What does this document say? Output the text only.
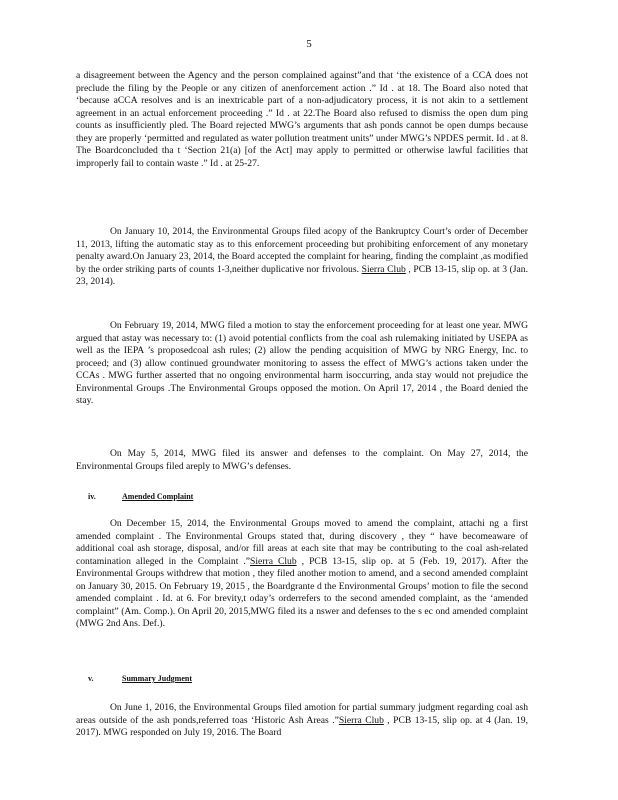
5

a disagreement between the Agency and the person complained against”and that ‘the existence of a CCA does not preclude the filing by the People or any citizen of anenforcement action .” Id . at 18. The Board also noted that ‘because aCCA resolves and is an inextricable part of a non-adjudicatory process, it is not akin to a settlement agreement in an actual enforcement proceeding .” Id . at 22.The Board also refused to dismiss the open dum ping counts as insufficiently pled. The Board rejected MWG’s arguments that ash ponds cannot be open dumps because they are properly ‘permitted and regulated as water pollution treatment units” under MWG’s NPDES permit. Id . at 8. The Boardconcluded tha t ‘Section 21(a) [of the Act] may apply to permitted or otherwise lawful facilities that improperly fail to contain waste .” Id . at 25-27.

On January 10, 2014, the Environmental Groups filed acopy of the Bankruptcy Court’s order of December 11, 2013, lifting the automatic stay as to this enforcement proceeding but prohibiting enforcement of any monetary penalty award.On January 23, 2014, the Board accepted the complaint for hearing, finding the complaint ,as modified by the order striking parts of counts 1-3,neither duplicative nor frivolous. Sierra Club , PCB 13-15, slip op. at 3 (Jan. 23, 2014).

On February 19, 2014, MWG filed a motion to stay the enforcement proceeding for at least one year. MWG argued that astay was necessary to: (1) avoid potential conflicts from the coal ash rulemaking initiated by USEPA as well as the IEPA ’s proposedcoal ash rules; (2) allow the pending acquisition of MWG by NRG Energy, Inc. to proceed; and (3) allow continued groundwater monitoring to assess the effect of MWG’s actions taken under the CCAs . MWG further asserted that no ongoing environmental harm isoccurring, anda stay would not prejudice the Environmental Groups .The Environmental Groups opposed the motion. On April 17, 2014 , the Board denied the stay.

On May 5, 2014, MWG filed its answer and defenses to the complaint. On May 27, 2014, the Environmental Groups filed areply to MWG’s defenses.

iv.	Amended Complaint

On December 15, 2014, the Environmental Groups moved to amend the complaint, attachi ng a first amended complaint . The Environmental Groups stated that, during discovery , they “ have becomeaware of additional coal ash storage, disposal, and/or fill areas at each site that may be contributing to the coal ash-related contamination alleged in the Complaint .”Sierra Club , PCB 13-15, slip op. at 5 (Feb. 19, 2017). After the Environmental Groups withdrew that motion , they filed another motion to amend, and a second amended complaint on January 30, 2015. On February 19, 2015 , the Boardgrante d the Environmental Groups’ motion to file the second amended complaint . Id. at 6. For brevity,t oday’s orderrefers to the second amended complaint, as the ‘amended complaint” (Am. Comp.). On April 20, 2015,MWG filed its a nswer and defenses to the s ec ond amended complaint (MWG 2nd Ans. Def.).

v.	Summary Judgment

On June 1, 2016, the Environmental Groups filed amotion for partial summary judgment regarding coal ash areas outside of the ash ponds,referred toas ‘Historic Ash Areas .”Sierra Club , PCB 13-15, slip op. at 4 (Jan. 19, 2017). MWG responded on July 19, 2016. The Board
